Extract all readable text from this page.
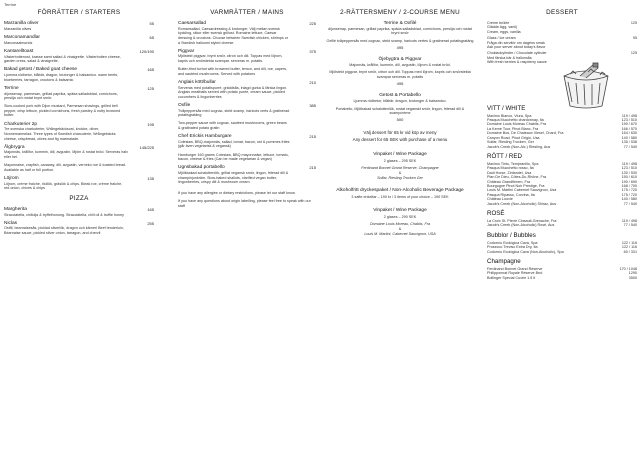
Terrine
FÖRRÄTTER / STARTERS
Marzanilla oliver
Marzanilla olives
55
Marconamandlar
Marconaalmonds
65
Kantarelltoast
Västerbottenost, krasse samt sallad & vinaigrette. Västerbotten cheese, garden cress, salad & vinaigrette.
120/190
Bakad getost / Baked goat cheese
Ljumma rödbetor, blåbär, dragon, krutonger & balsamico. warm beets, blueberries, tarragon, croutons & balsamic.
165
Terrine
dijonsenap, parmesan, grillad paprika, späda salladsblad, cornichons, persilja och rostat brynt smör.
125
Slow-cooked pork with Dijon mustard, Parmesan shavings, grilled bell pepper, crisp lettuce, pickled cornichons, fresh parsley & nutty browned butter.
Charkuterier 2p
Tre svenska charkuterier, Wrångebäcksost, krolcke, oliver, Nonnemarmelad. Three types of Swedish charcuterie, Wrångebäcks cheese, crispbread, olives and fig marmalade.
195
Ålgbrygra
Majonnäs, krållfor, kummin, dill, avgustin, Mjöm & rostat bröd. Serveras halv eller hel.
145/225
Mayonnaise, crayfish, caraway, dill, avgustin, verneko roe & toasted bread. Available as half or full portion.
Löjrom
Löjrom, crème fraîche, rödlök, gräslök & chips. Bleak roe, crème fraîche, red onion, chives & chips
135
PIZZA
Margherita
Stracciatella, chiliolja & tryffelhonung. Stracciatella, chili oil & truffle honey
165
Niclas
Ostfil, bearnaisesås, picklad silverlök, dragon och kärnerl Beef tenderloin, Béarnaise sauce, pickled silver onion, tarragon, and chervil
255
VARMRÄTTER / MAINS
Caesarsallad
Romansallad, Caesardressing & krutonger. Välj mellan svensk kyckling, räkor eller svensk grillost. Romaine lettuce, Caesar dressing & croutons. Choose between Swedish chicken, shrimps or a Swedish halloumi styled cheese.
225
Piggvar
Mjölstekt piggvar, brynt smör, citron och dill. Toppas med löjrom, kapris och smörstekta svampar. serveras m. potatis.
375
Butter-fried turbot with browned butter, lemon, and dill, roe, capers, and sautéed mushrooms. Served with potatoes
Anglais kött/bullar
Serveras med potatispurré, gräddsås, inlagd gurka & färska lingon. Anglais meatballs served with potato purée, cream sauce, pickled cucumbers & lingonberries
210
Oxfile
Tvåpeppersås med cognac, stekt svamp, haricots verts & gratinerad potatisgratäng
385
Two-pepper sauce with cognac, sautéed mushrooms, green beans & gratinated potato gratin
Chef Erickis Hamburgare
Coleslaw, BBQ-majonnäs, sallad, tomat, bacon, ost & pommes frites (går även vegetarisk & vegansk)
215
Hamburger 160 grams Coleslaw, BBQ mayonnaise, lettuce, tomato, bacon, cheese & fries (Can be made vegetarian & vegan)
Ugnsbakad portabello
Mjölkbakad schalottenlök, grillat vegansk smör, lingon, friterad dill & champinjonkräm. Slow-baked shallots, clarified vegan butter, lingonberries, crispy dill & mushroom cream
215
If you have any allergies or dietary restrictions, please let our staff know.
If you have any questions about origin labelling, please feel free to speak with our staff
2-RÄTTERSMENY / 2-COURSE MENU
Terrine & Oxfilé
dijonsenap, parmesan, grillad paprika, späda salladsblad, cornichons, persilja och rostat brynt smör
Oxfilé tvåpeppersås med cognac, stekt svamp, haricots vertes & gratinerad potatisgratäng
495
Öjebygtra & Piggvar
Majonnäs, krållfor, kummin, dill, avgustin, löjrom & rostat bröd.
Mjölstekt piggvar, brynt smör, citron och dill. Toppas med löjrom, kapris och smörstekta svampar serveras m. potatis
495
Getost & Portabello
Ljumma rödbetor, blåbär, dragon, krutonger & balsamico.
Portabello, Mjölbakad schalottenlök, rostat veganskt smör, lingon, friterad dill & svampcrème
500
Välj dessert för 65 kr vid köp av meny
Any dessert for 65 SEK with purchase of a menu
Vinpaket / Wine Package
2 glases – 295 SEK
Ferdinand Bonnet Grand Reserve, Champagne
&
Solfar, Riesling Trocken Ger
Alkoholfritt dryckespaket / Non-Alcoholic Beverage Package
3 safte enkeltar – 190 kr / 3 items of your choice – 190 SEK
Vinpaket / Wine Package
2 glases – 290 SEK
Domaine Louis Moreau, Chablis, Fra
&
Louis M. Martini, Cabernet Sauvignon, USA
DESSERT
Crème brûlée	125
Glädde Agg, vanilj
Cream, eggs, vanilla
Glass / Ice cream	95
Fråga din servitör om dagens smak
Ask your server about today's flavor
Chokladcylinder / Chocolate cylinder	125
Med färska bär & hallonsås
With fresh berries & raspberry sauce
VITT / WHITE
Maximo Bianco, Viura, Spa	119 / 498
Pasqua Mucchetto chardonnay, Ita	123 / 510
Domaine Louis Moreau Chablis, Fra	190 / 670
La Kerne Tour, Pinot Blanc, Fra	166 / 570
Domaine Bos, De Chateaux Viesel, Chard, Fra	154 / 630
Canyon Road, Pinot Grigio, Usa	140 / 580
Solfar, Riesling Trocken, Ger	135 / 538
Jacob's Creek (Non-Alc.) Riesling, Aus	77 / 540
RÖTT / RED
Maximo Tinto, Tempranillo, Spa	119 / 498
Pasqua Mucchetto rosso, Ita	123 / 510
Dadi Horse, Zinfandel, Usa	130 / 530
Plan De Dieu, Côtes-Du-Rhône, Fra	150 / 610
Château Grandflerem, Fra	190 / 690
Bourgogne Pinot Noir Prestige, Fra	168 / 700
Louis M. Martini Cabernet Sauvignon, Usa	175 / 720
Pasqua Ripasso, Corvina, Ita	175 / 720
Château Louvie	140 / 580
Jacob's Creek (Non-Alcoholic) Shiraz, Aus	77 / 540
ROSÉ
La Croix St. Pierre Cinsault-Grenache, Fra	119 / 498
Jacob's Creek (Non-Alcoholic) Rosé, Aus	77 / 540
Bubblor / Bubbles
Codorníu Ecológica Cava, Spa	122 / 116
Prosecco Treviso Extra Dry, Ita	122 / 116
Codorníu Ecológica Cava (Non-Alcoholic), Spa	60 / 331
Champagne
Ferdinand Bonnet Grand Réserve	170 / 1048
Philipponnat Royale Réserve Brut	1290
Bollinger Special Cuvée 1.5 lt	3500
